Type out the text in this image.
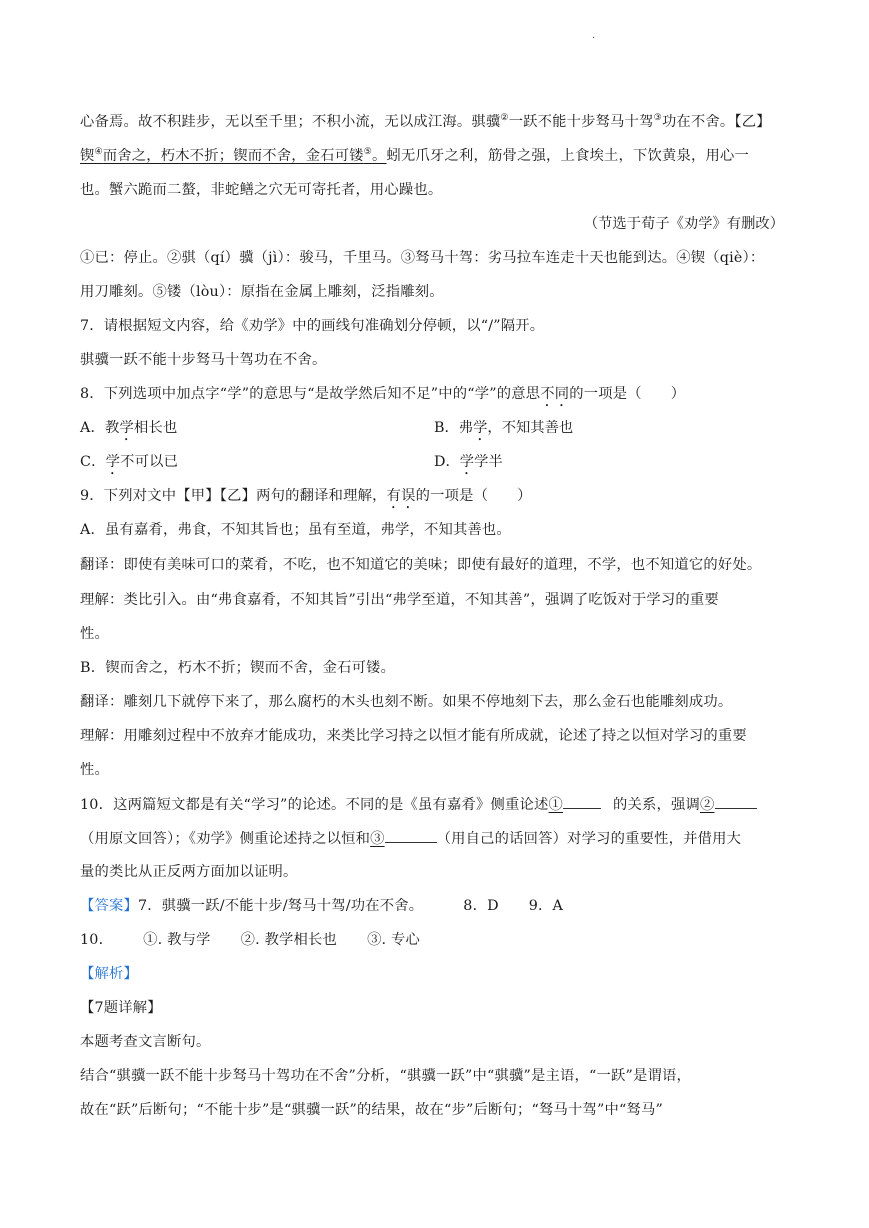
.
心备焉。故不积跬步，无以至千里；不积小流，无以成江海。骐骥②一跃不能十步驽马十驾③功在不舍。【乙】
锲④而舍之，朽木不折；锲而不舍，金石可镂⑤。蚓无爪牙之利，筋骨之强，上食埃土，下饮黄泉，用心一
也。蟹六跪而二螯，非蛇鳝之穴无可寄托者，用心躁也。
（节选于荀子《劝学》有删改）
①已：停止。②骐（qí）骥（jì）：骏马，千里马。③驽马十驾：劣马拉车连走十天也能到达。④锲（qiè）：
用刀雕刻。⑤镂（lòu）：原指在金属上雕刻，泛指雕刻。
7．请根据短文内容，给《劝学》中的画线句准确划分停顿，以“/”隔开。
骐骥一跃不能十步驽马十驾功在不舍。
8．下列选项中加点字“学”的意思与“是故学然后知不足”中的“学”的意思不同的一项是（　　）
A．教学相长也	B．弗学，不知其善也
C．学不可以已	D．学学半
9．下列对文中【甲】【乙】两句的翻译和理解，有误的一项是（　　）
A．虽有嘉肴，弗食，不知其旨也；虽有至道，弗学，不知其善也。
翻译：即使有美味可口的菜肴，不吃，也不知道它的美味；即使有最好的道理，不学，也不知道它的好处。
理解：类比引入。由“弗食嘉肴，不知其旨”引出“弗学至道，不知其善”，强调了吃饭对于学习的重要
性。
B．锲而舍之，朽木不折；锲而不舍，金石可镂。
翻译：雕刻几下就停下来了，那么腐朽的木头也刻不断。如果不停地刻下去，那么金石也能雕刻成功。
理解：用雕刻过程中不放弃才能成功，来类比学习持之以恒才能有所成就，论述了持之以恒对学习的重要
性。
10．这两篇短文都是有关“学习”的论述。不同的是《虽有嘉肴》侧重论述①	的关系，强调②
（用原文回答）；《劝学》侧重论述持之以恒和③	（用自己的话回答）对学习的重要性，并借用大
量的类比从正反两方面加以证明。
【答案】7．骐骥一跃/不能十步/驽马十驾/功在不舍。	8．D 9．A
10． ①. 教与学 ②. 教学相长也 ③. 专心
【解析】
【7题详解】
本题考查文言断句。
结合“骐骥一跃不能十步驽马十驾功在不舍”分析，“骐骥一跃”中“骐骥”是主语，“一跃”是谓语，
故在“跃”后断句；“不能十步”是“骐骥一跃”的结果，故在“步”后断句；“驽马十驾”中“驽马”
